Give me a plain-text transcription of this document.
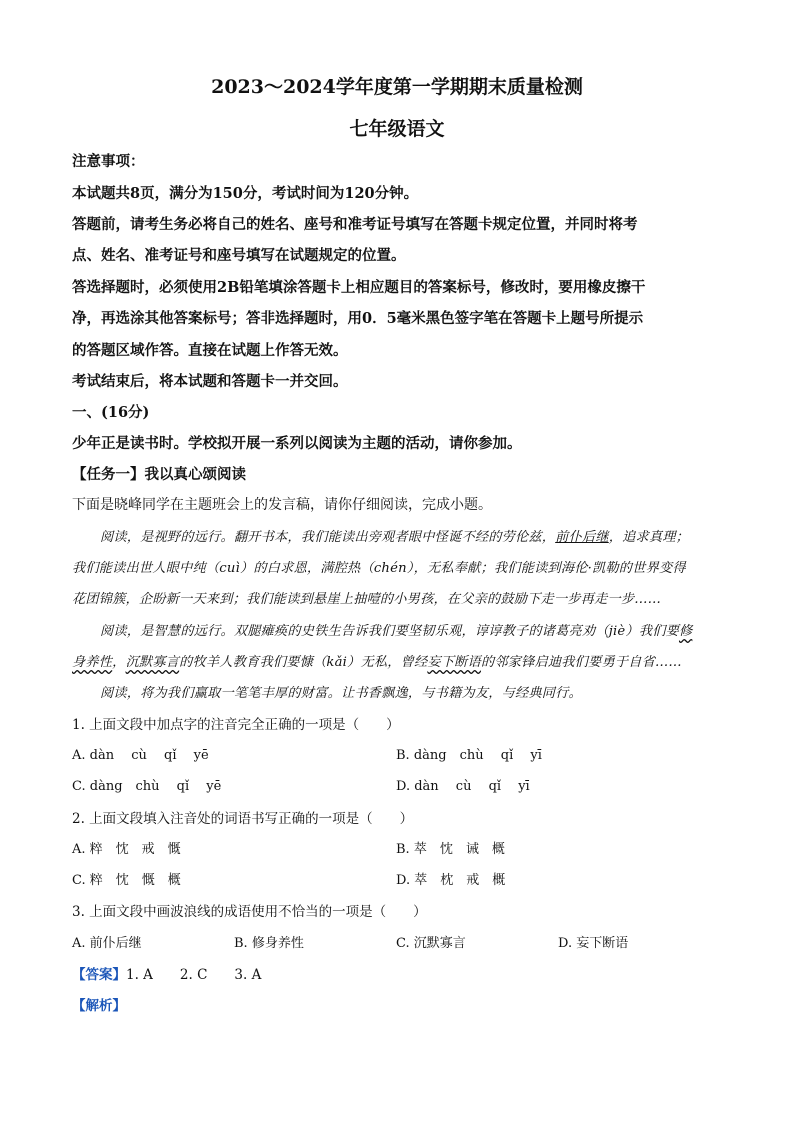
2023～2024学年度第一学期期末质量检测
七年级语文
注意事项：
本试题共8页，满分为150分，考试时间为120分钟。
答题前，请考生务必将自己的姓名、座号和准考证号填写在答题卡规定位置，并同时将考
点、姓名、准考证号和座号填写在试题规定的位置。
答选择题时，必须使用2B铅笔填涂答题卡上相应题目的答案标号，修改时，要用橡皮擦干
净，再选涂其他答案标号；答非选择题时，用0．5毫米黑色签字笔在答题卡上题号所提示
的答题区域作答。直接在试题上作答无效。
考试结束后，将本试题和答题卡一并交回。
一、(16分)
少年正是读书时。学校拟开展一系列以阅读为主题的活动，请你参加。
【任务一】我以真心颂阅读
下面是晓峰同学在主题班会上的发言稿，请你仔细阅读，完成小题。
阅读，是视野的远行。翻开书本，我们能读出旁观者眼中怪诞不经的劳伦兹，前仆后继，追求真理；
我们能读出世人眼中纯（cuì）的白求恩，满腔热（chén），无私奉献；我们能读到海伦·凯勒的世界变得
花团锦簇，企盼新一天来到；我们能读到悬崖上抽噎的小男孩，在父亲的鼓励下走一步再走一步……
阅读，是智慧的远行。双腿瘫痪的史铁生告诉我们要坚韧乐观，谆谆教子的诸葛亮劝（jiè）我们要修
身养性，沉默寡言的牧羊人教育我们要慷（kǎi）无私，曾经妄下断语的邻家锋启迪我们要勇于自省……
阅读，将为我们赢取一笔笔丰厚的财富。让书香飘逸，与书籍为友，与经典同行。
1. 上面文段中加点字的注音完全正确的一项是（　　）
A. dàn　 cù　 qǐ　 yē	B. dàng　chù　 qǐ　 yī
C. dàng　chù　 qǐ　 yē	D. dàn　 cù　 qǐ　 yī
2. 上面文段填入注音处的词语书写正确的一项是（　　）
A. 粹　忱　戒　慨	B. 萃　忱　诫　概
C. 粹　忱　慨　概	D. 萃　枕　戒　概
3. 上面文段中画波浪线的成语使用不恰当的一项是（　　）
A. 前仆后继	B. 修身养性	C. 沉默寡言	D. 妄下断语
【答案】1. A　　2. C　　3. A
【解析】
